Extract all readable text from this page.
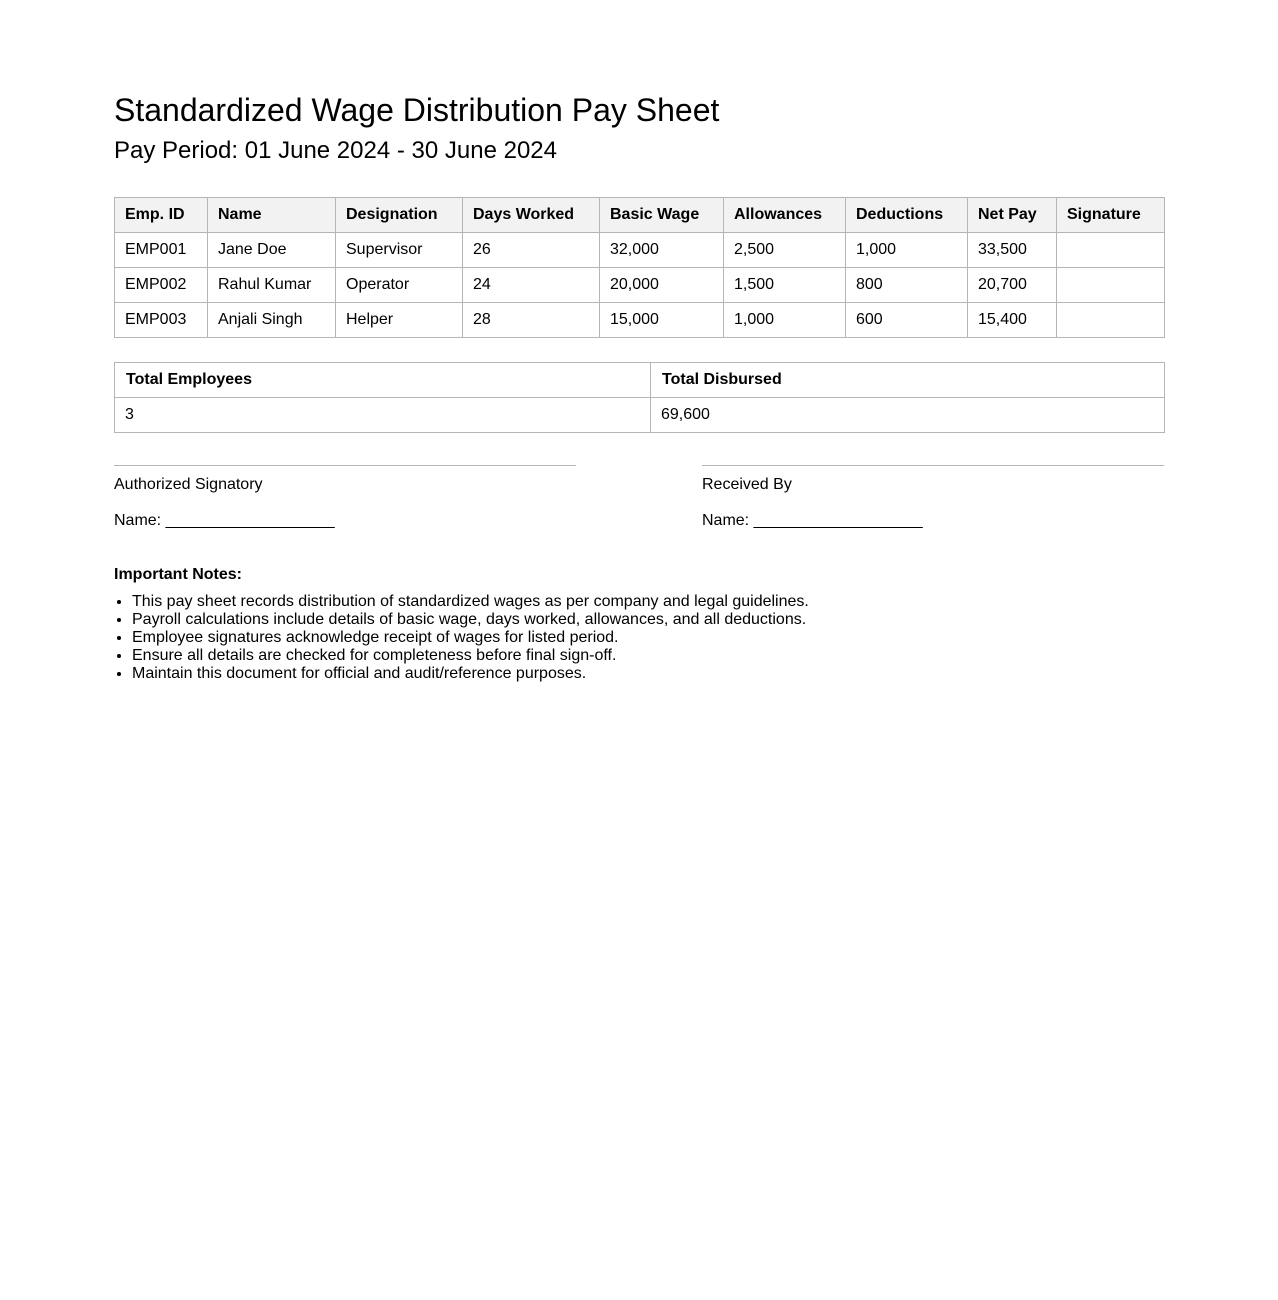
Standardized Wage Distribution Pay Sheet
Pay Period: 01 June 2024 - 30 June 2024
Emp. ID	Name	Designation	Days Worked	Basic Wage	Allowances	Deductions	Net Pay	Signature
EMP001	Jane Doe	Supervisor	26	32,000	2,500	1,000	33,500	
EMP002	Rahul Kumar	Operator	24	20,000	1,500	800	20,700	
EMP003	Anjali Singh	Helper	28	15,000	1,000	600	15,400	
Total Employees	Total Disbursed
3	69,600
Authorized Signatory
Name: ___________________
Received By
Name: ___________________
Important Notes:
• This pay sheet records distribution of standardized wages as per company and legal guidelines.
• Payroll calculations include details of basic wage, days worked, allowances, and all deductions.
• Employee signatures acknowledge receipt of wages for listed period.
• Ensure all details are checked for completeness before final sign-off.
• Maintain this document for official and audit/reference purposes.
